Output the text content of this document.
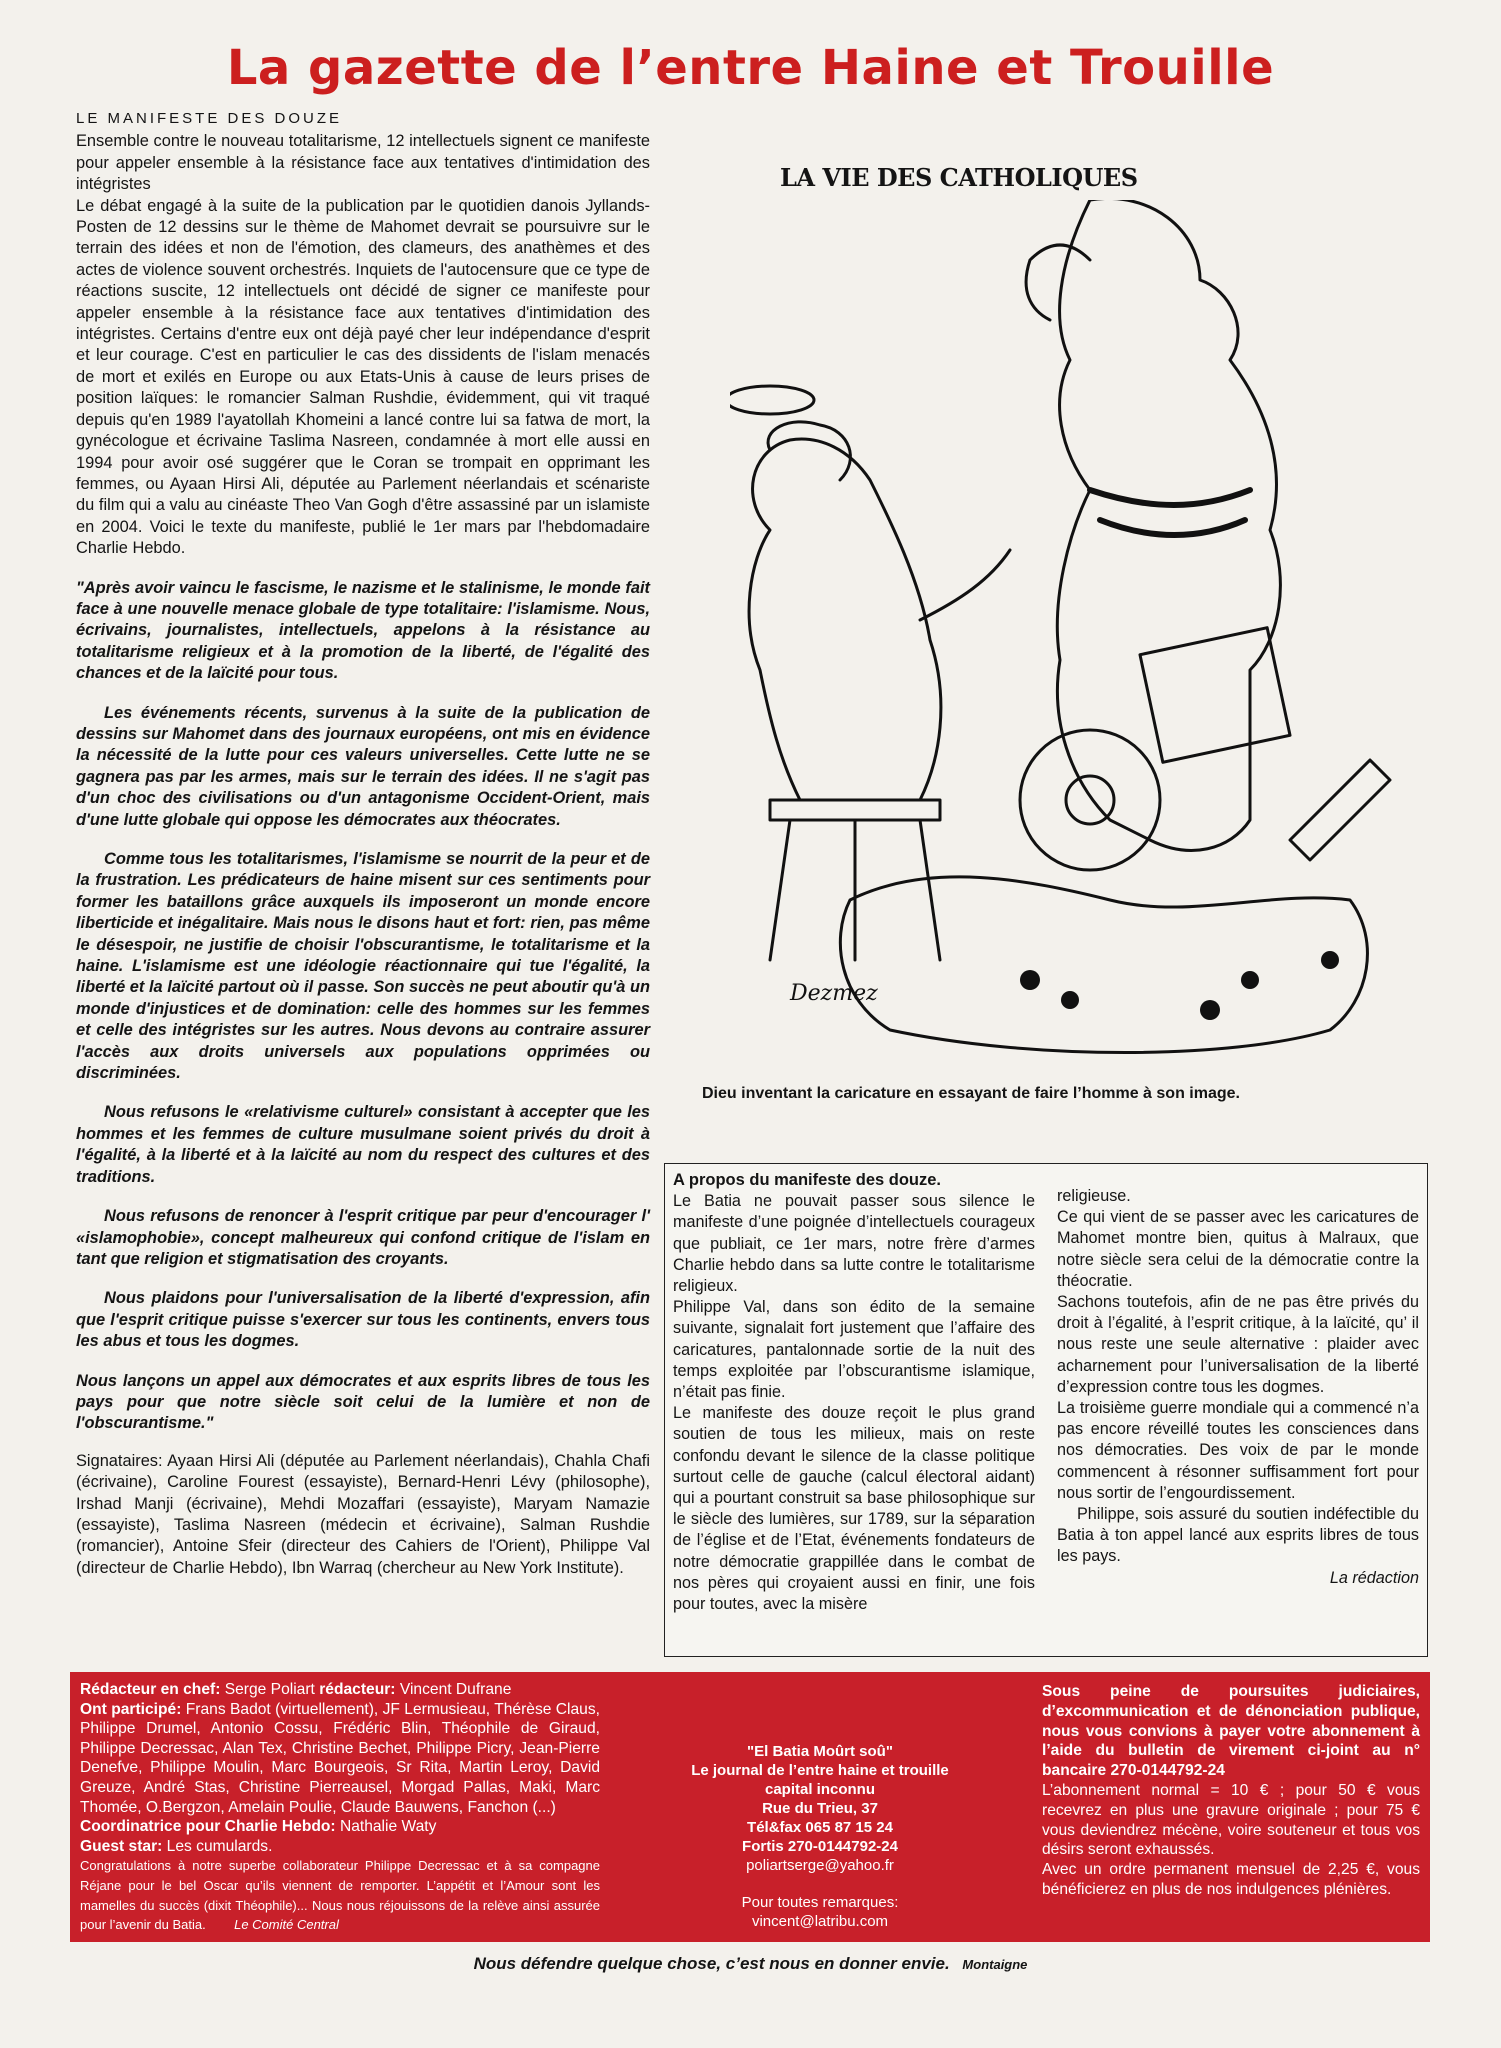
La gazette de l’entre Haine et Trouille

LE MANIFESTE DES DOUZE

Ensemble contre le nouveau totalitarisme, 12 intellectuels signent ce manifeste pour appeler ensemble à la résistance face aux tentatives d'intimidation des intégristes

Le débat engagé à la suite de la publication par le quotidien danois Jyllands-Posten de 12 dessins sur le thème de Mahomet devrait se poursuivre sur le terrain des idées et non de l'émotion, des clameurs, des anathèmes et des actes de violence souvent orchestrés. Inquiets de l'autocensure que ce type de réactions suscite, 12 intellectuels ont décidé de signer ce manifeste pour appeler ensemble à la résistance face aux tentatives d'intimidation des intégristes. Certains d'entre eux ont déjà payé cher leur indépendance d'esprit et leur courage. C'est en particulier le cas des dissidents de l'islam menacés de mort et exilés en Europe ou aux Etats-Unis à cause de leurs prises de position laïques: le romancier Salman Rushdie, évidemment, qui vit traqué depuis qu'en 1989 l'ayatollah Khomeini a lancé contre lui sa fatwa de mort, la gynécologue et écrivaine Taslima Nasreen, condamnée à mort elle aussi en 1994 pour avoir osé suggérer que le Coran se trompait en opprimant les femmes, ou Ayaan Hirsi Ali, députée au Parlement néerlandais et scénariste du film qui a valu au cinéaste Theo Van Gogh d'être assassiné par un islamiste en 2004. Voici le texte du manifeste, publié le 1er mars par l'hebdomadaire Charlie Hebdo.

"Après avoir vaincu le fascisme, le nazisme et le stalinisme, le monde fait face à une nouvelle menace globale de type totalitaire: l'islamisme. Nous, écrivains, journalistes, intellectuels, appelons à la résistance au totalitarisme religieux et à la promotion de la liberté, de l'égalité des chances et de la laïcité pour tous.

Les événements récents, survenus à la suite de la publication de dessins sur Mahomet dans des journaux européens, ont mis en évidence la nécessité de la lutte pour ces valeurs universelles. Cette lutte ne se gagnera pas par les armes, mais sur le terrain des idées. Il ne s'agit pas d'un choc des civilisations ou d'un antagonisme Occident-Orient, mais d'une lutte globale qui oppose les démocrates aux théocrates.

Comme tous les totalitarismes, l'islamisme se nourrit de la peur et de la frustration. Les prédicateurs de haine misent sur ces sentiments pour former les bataillons grâce auxquels ils imposeront un monde encore liberticide et inégalitaire. Mais nous le disons haut et fort: rien, pas même le désespoir, ne justifie de choisir l'obscurantisme, le totalitarisme et la haine. L'islamisme est une idéologie réactionnaire qui tue l'égalité, la liberté et la laïcité partout où il passe. Son succès ne peut aboutir qu'à un monde d'injustices et de domination: celle des hommes sur les femmes et celle des intégristes sur les autres. Nous devons au contraire assurer l'accès aux droits universels aux populations opprimées ou discriminées.

Nous refusons le «relativisme culturel» consistant à accepter que les hommes et les femmes de culture musulmane soient privés du droit à l'égalité, à la liberté et à la laïcité au nom du respect des cultures et des traditions.

Nous refusons de renoncer à l'esprit critique par peur d'encourager l' «islamophobie», concept malheureux qui confond critique de l'islam en tant que religion et stigmatisation des croyants.

Nous plaidons pour l'universalisation de la liberté d'expression, afin que l'esprit critique puisse s'exercer sur tous les continents, envers tous les abus et tous les dogmes.

Nous lançons un appel aux démocrates et aux esprits libres de tous les pays pour que notre siècle soit celui de la lumière et non de l'obscurantisme."

Signataires: Ayaan Hirsi Ali (députée au Parlement néerlandais), Chahla Chafi (écrivaine), Caroline Fourest (essayiste), Bernard-Henri Lévy (philosophe), Irshad Manji (écrivaine), Mehdi Mozaffari (essayiste), Maryam Namazie (essayiste), Taslima Nasreen (médecin et écrivaine), Salman Rushdie (romancier), Antoine Sfeir (directeur des Cahiers de l'Orient), Philippe Val (directeur de Charlie Hebdo), Ibn Warraq (chercheur au New York Institute).

LA VIE DES CATHOLIQUES
Dezmez
Dieu inventant la caricature en essayant de faire l’homme à son image.
A propos du manifeste des douze.

Le Batia ne pouvait passer sous silence le manifeste d’une poignée d’intellectuels courageux que publiait, ce 1er mars, notre frère d’armes Charlie hebdo dans sa lutte contre le totalitarisme religieux.

Philippe Val, dans son édito de la semaine suivante, signalait fort justement que l’affaire des caricatures, pantalonnade sortie de la nuit des temps exploitée par l’obscurantisme islamique, n’était pas finie.

Le manifeste des douze reçoit le plus grand soutien de tous les milieux, mais on reste confondu devant le silence de la classe politique surtout celle de gauche (calcul électoral aidant) qui a pourtant construit sa base philosophique sur le siècle des lumières, sur 1789, sur la séparation de l’église et de l’Etat, événements fondateurs de notre démocratie grappillée dans le combat de nos pères qui croyaient aussi en finir, une fois pour toutes, avec la misère

religieuse.

Ce qui vient de se passer avec les caricatures de Mahomet montre bien, quitus à Malraux, que notre siècle sera celui de la démocratie contre la théocratie.

Sachons toutefois, afin de ne pas être privés du droit à l’égalité, à l’esprit critique, à la laïcité, qu’ il nous reste une seule alternative : plaider avec acharnement pour l’universalisation de la liberté d’expression contre tous les dogmes.

La troisième guerre mondiale qui a commencé n’a pas encore réveillé toutes les consciences dans nos démocraties. Des voix de par le monde commencent à résonner suffisamment fort pour nous sortir de l’engourdissement.

Philippe, sois assuré du soutien indéfectible du Batia à ton appel lancé aux esprits libres de tous les pays.

La rédaction

Rédacteur en chef: Serge Poliart rédacteur: Vincent Dufrane
Ont participé: Frans Badot (virtuellement), JF Lermusieau, Thérèse Claus, Philippe Drumel, Antonio Cossu, Frédéric Blin, Théophile de Giraud, Philippe Decressac, Alan Tex, Christine Bechet, Philippe Picry, Jean-Pierre Denefve, Philippe Moulin, Marc Bourgeois, Sr Rita, Martin Leroy, David Greuze, André Stas, Christine Pierreausel, Morgad Pallas, Maki, Marc Thomée, O.Bergzon, Amelain Poulie, Claude Bauwens, Fanchon (...)
Coordinatrice pour Charlie Hebdo: Nathalie Waty
Guest star: Les cumulards.
Congratulations à notre superbe collaborateur Philippe Decressac et à sa compagne Réjane pour le bel Oscar qu’ils viennent de remporter. L’appétit et l’Amour sont les mamelles du succès (dixit Théophile)... Nous nous réjouissons de la relève ainsi assurée pour l’avenir du Batia. Le Comité Central
"El Batia Moûrt soû"
Le journal de l’entre haine et trouille
capital inconnu
Rue du Trieu, 37
Tél&fax 065 87 15 24
Fortis 270-0144792-24
poliartserge@yahoo.fr
Pour toutes remarques:
vincent@latribu.com
Sous peine de poursuites judiciaires, d’excommunication et de dénonciation publique, nous vous convions à payer votre abonnement à l’aide du bulletin de virement ci-joint au n° bancaire 270-0144792-24
L’abonnement normal = 10 € ; pour 50 € vous recevrez en plus une gravure originale ; pour 75 € vous deviendrez mécène, voire souteneur et tous vos désirs seront exhaussés.
Avec un ordre permanent mensuel de 2,25 €, vous bénéficierez en plus de nos indulgences plénières.
Nous défendre quelque chose, c’est nous en donner envie. Montaigne
